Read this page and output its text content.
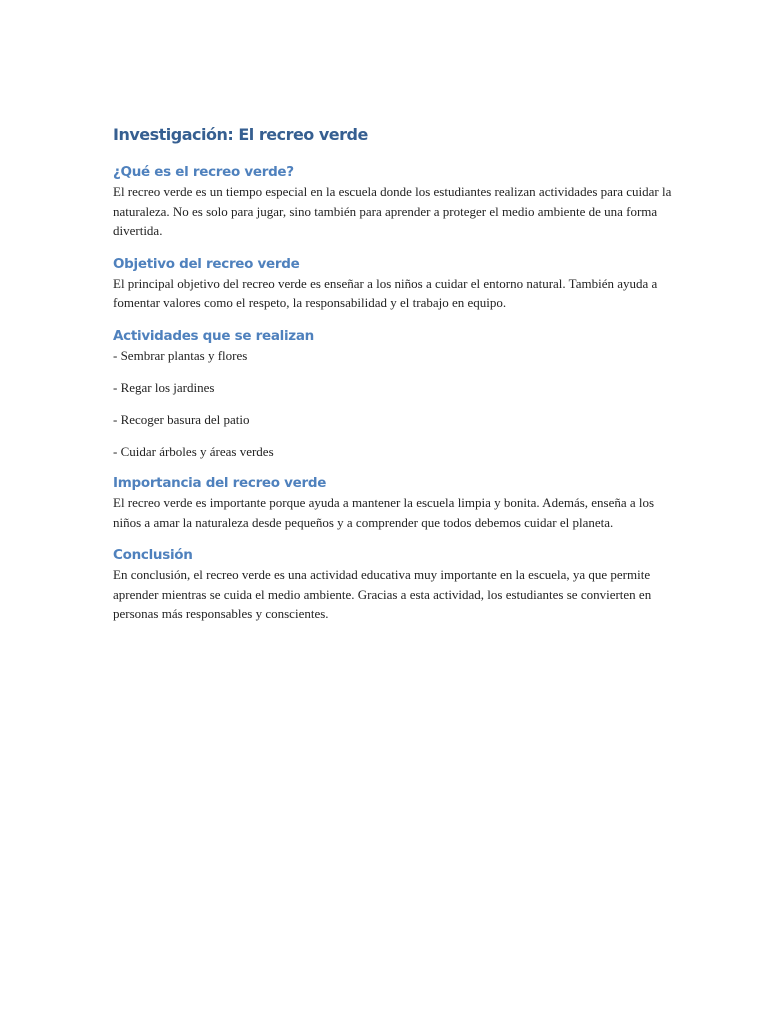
Investigación: El recreo verde
¿Qué es el recreo verde?

El recreo verde es un tiempo especial en la escuela donde los estudiantes realizan actividades para cuidar la naturaleza. No es solo para jugar, sino también para aprender a proteger el medio ambiente de una forma divertida.

Objetivo del recreo verde

El principal objetivo del recreo verde es enseñar a los niños a cuidar el entorno natural. También ayuda a fomentar valores como el respeto, la responsabilidad y el trabajo en equipo.

Actividades que se realizan
- Sembrar plantas y flores
- Regar los jardines
- Recoger basura del patio
- Cuidar árboles y áreas verdes
Importancia del recreo verde

El recreo verde es importante porque ayuda a mantener la escuela limpia y bonita. Además, enseña a los niños a amar la naturaleza desde pequeños y a comprender que todos debemos cuidar el planeta.

Conclusión

En conclusión, el recreo verde es una actividad educativa muy importante en la escuela, ya que permite aprender mientras se cuida el medio ambiente. Gracias a esta actividad, los estudiantes se convierten en personas más responsables y conscientes.
